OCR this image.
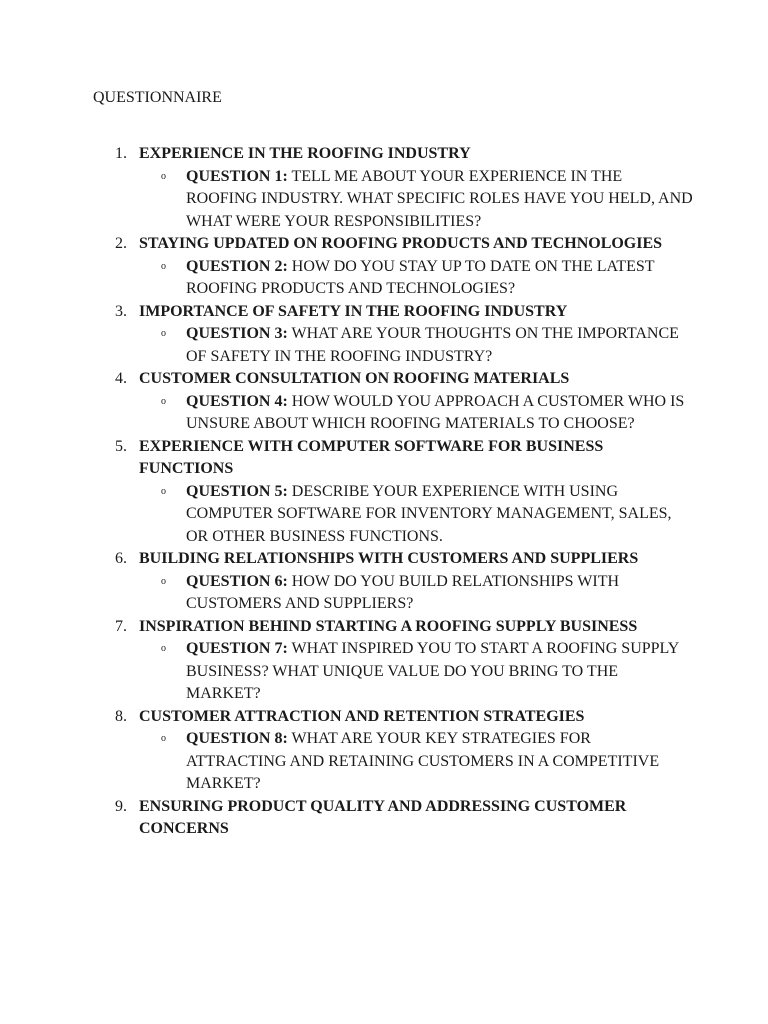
QUESTIONNAIRE
1. EXPERIENCE IN THE ROOFING INDUSTRY
o QUESTION 1: TELL ME ABOUT YOUR EXPERIENCE IN THE ROOFING INDUSTRY. WHAT SPECIFIC ROLES HAVE YOU HELD, AND WHAT WERE YOUR RESPONSIBILITIES?
2. STAYING UPDATED ON ROOFING PRODUCTS AND TECHNOLOGIES
o QUESTION 2: HOW DO YOU STAY UP TO DATE ON THE LATEST ROOFING PRODUCTS AND TECHNOLOGIES?
3. IMPORTANCE OF SAFETY IN THE ROOFING INDUSTRY
o QUESTION 3: WHAT ARE YOUR THOUGHTS ON THE IMPORTANCE OF SAFETY IN THE ROOFING INDUSTRY?
4. CUSTOMER CONSULTATION ON ROOFING MATERIALS
o QUESTION 4: HOW WOULD YOU APPROACH A CUSTOMER WHO IS UNSURE ABOUT WHICH ROOFING MATERIALS TO CHOOSE?
5. EXPERIENCE WITH COMPUTER SOFTWARE FOR BUSINESS FUNCTIONS
o QUESTION 5: DESCRIBE YOUR EXPERIENCE WITH USING COMPUTER SOFTWARE FOR INVENTORY MANAGEMENT, SALES, OR OTHER BUSINESS FUNCTIONS.
6. BUILDING RELATIONSHIPS WITH CUSTOMERS AND SUPPLIERS
o QUESTION 6: HOW DO YOU BUILD RELATIONSHIPS WITH CUSTOMERS AND SUPPLIERS?
7. INSPIRATION BEHIND STARTING A ROOFING SUPPLY BUSINESS
o QUESTION 7: WHAT INSPIRED YOU TO START A ROOFING SUPPLY BUSINESS? WHAT UNIQUE VALUE DO YOU BRING TO THE MARKET?
8. CUSTOMER ATTRACTION AND RETENTION STRATEGIES
o QUESTION 8: WHAT ARE YOUR KEY STRATEGIES FOR ATTRACTING AND RETAINING CUSTOMERS IN A COMPETITIVE MARKET?
9. ENSURING PRODUCT QUALITY AND ADDRESSING CUSTOMER CONCERNS
